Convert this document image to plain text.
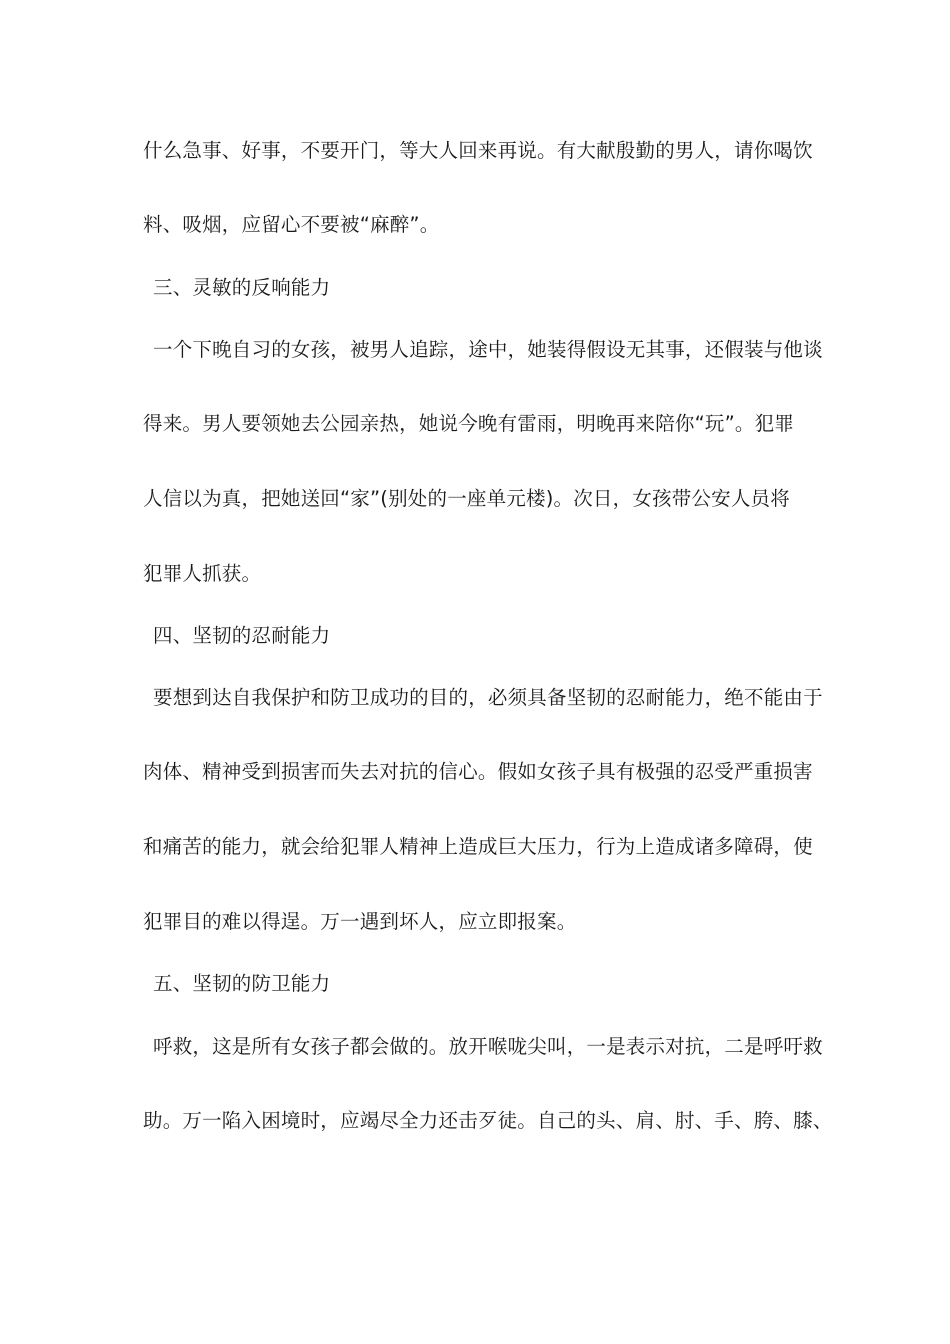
什么急事、好事，不要开门，等大人回来再说。有大献殷勤的男人，请你喝饮
料、吸烟，应留心不要被“麻醉”。
三、灵敏的反响能力
一个下晚自习的女孩，被男人追踪，途中，她装得假设无其事，还假装与他谈
得来。男人要领她去公园亲热，她说今晚有雷雨，明晚再来陪你“玩”。犯罪
人信以为真，把她送回“家”(别处的一座单元楼)。次日，女孩带公安人员将
犯罪人抓获。
四、坚韧的忍耐能力
要想到达自我保护和防卫成功的目的，必须具备坚韧的忍耐能力，绝不能由于
肉体、精神受到损害而失去对抗的信心。假如女孩子具有极强的忍受严重损害
和痛苦的能力，就会给犯罪人精神上造成巨大压力，行为上造成诸多障碍，使
犯罪目的难以得逞。万一遇到坏人，应立即报案。
五、坚韧的防卫能力
呼救，这是所有女孩子都会做的。放开喉咙尖叫，一是表示对抗，二是呼吁救
助。万一陷入困境时，应竭尽全力还击歹徒。自己的头、肩、肘、手、胯、膝、
